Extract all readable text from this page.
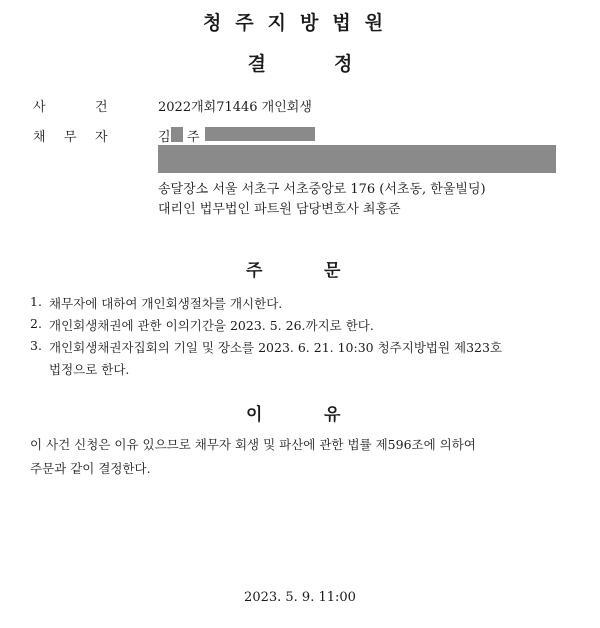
청주지방법원
결	정
사	건	2022개회71446 개인회생
채 무 자	김 주
송달장소 서울 서초구 서초중앙로 176 (서초동, 한울빌딩)
대리인 법무법인 파트원 담당변호사 최홍준
주	문
1. 채무자에 대하여 개인회생절차를 개시한다.
2. 개인회생채권에 관한 이의기간을 2023. 5. 26.까지로 한다.
3. 개인회생채권자집회의 기일 및 장소를 2023. 6. 21. 10:30 청주지방법원 제323호
법정으로 한다.
이	유
이 사건 신청은 이유 있으므로 채무자 회생 및 파산에 관한 법률 제596조에 의하여
주문과 같이 결정한다.
2023. 5. 9. 11:00
